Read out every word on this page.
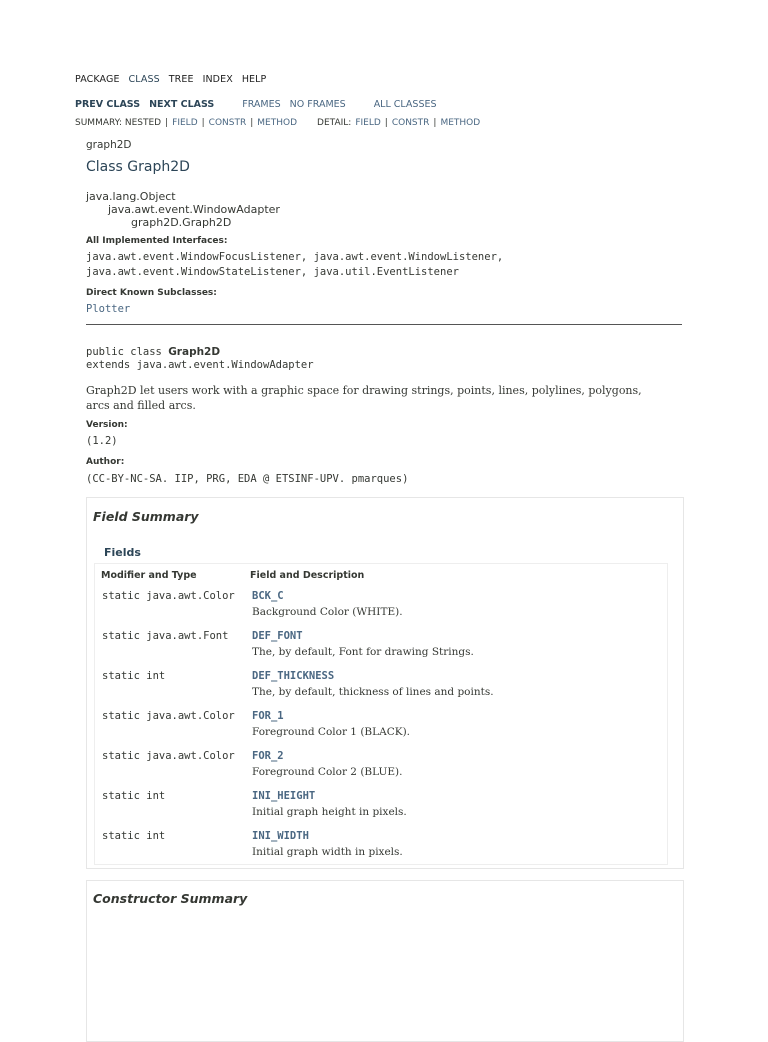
PACKAGE CLASS TREE INDEX HELP
PREV CLASS NEXT CLASS	FRAMES NO FRAMES	ALL CLASSES
SUMMARY: NESTED | FIELD | CONSTR | METHOD DETAIL: FIELD | CONSTR | METHOD
graph2D
Class Graph2D
java.lang.Object
java.awt.event.WindowAdapter
graph2D.Graph2D
All Implemented Interfaces:
java.awt.event.WindowFocusListener, java.awt.event.WindowListener,
java.awt.event.WindowStateListener, java.util.EventListener
Direct Known Subclasses:
Plotter
public class Graph2D
extends java.awt.event.WindowAdapter
Graph2D let users work with a graphic space for drawing strings, points, lines, polylines, polygons,
arcs and filled arcs.
Version:
(1.2)
Author:
(CC-BY-NC-SA. IIP, PRG, EDA @ ETSINF-UPV. pmarques)
Field Summary
Fields
Modifier and Type	Field and Description
static java.awt.Color BCK_C
Background Color (WHITE).
static java.awt.Font DEF_FONT
The, by default, Font for drawing Strings.
static int	DEF_THICKNESS
The, by default, thickness of lines and points.
static java.awt.Color FOR_1
Foreground Color 1 (BLACK).
static java.awt.Color FOR_2
Foreground Color 2 (BLUE).
static int	INI_HEIGHT
Initial graph height in pixels.
static int	INI_WIDTH
Initial graph width in pixels.
Constructor Summary
